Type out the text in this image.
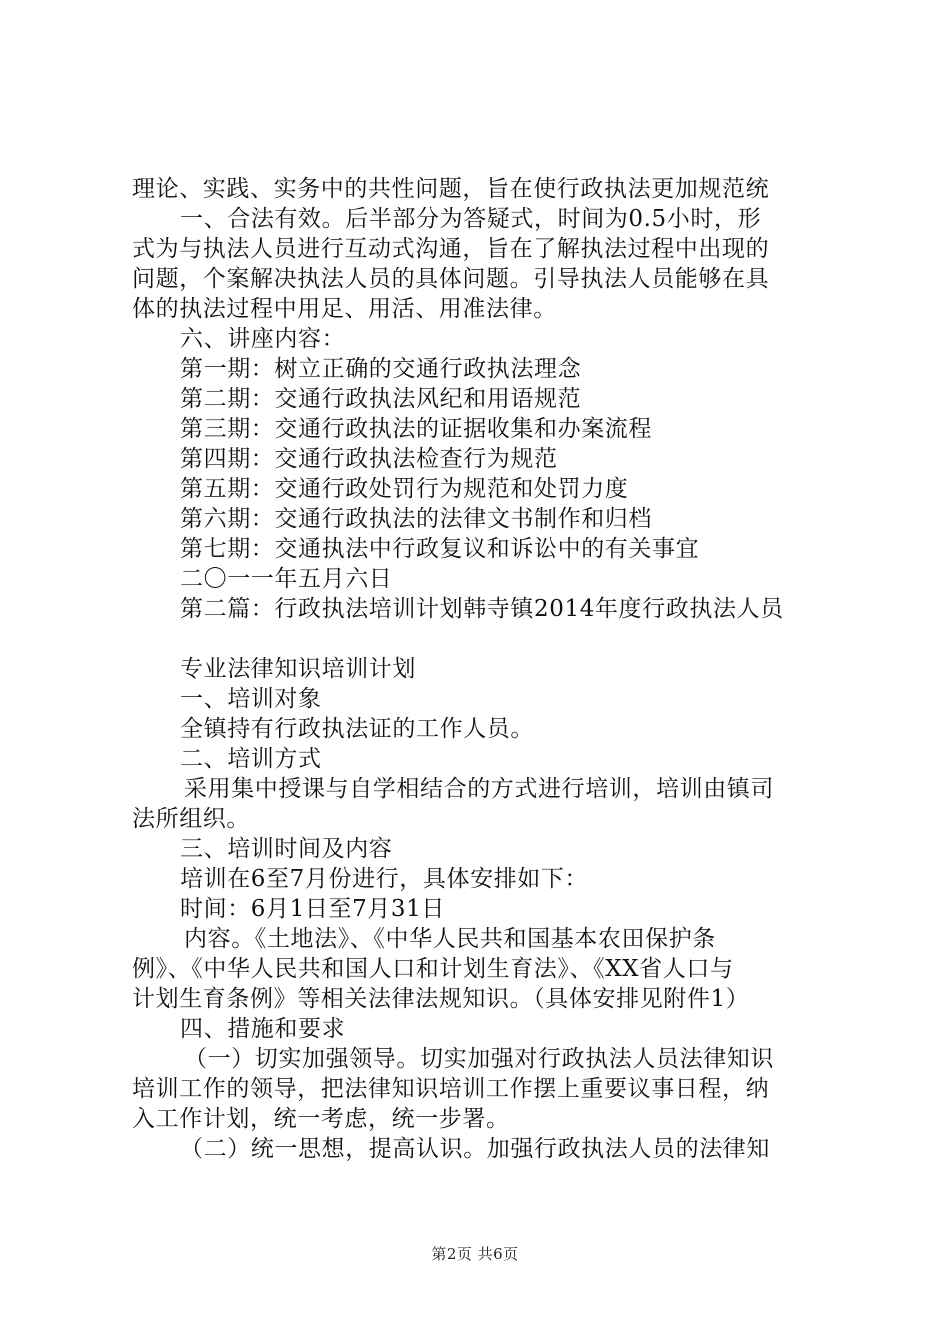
理论、实践、实务中的共性问题，旨在使行政执法更加规范统
一、合法有效。后半部分为答疑式，时间为0.5小时，形
式为与执法人员进行互动式沟通，旨在了解执法过程中出现的
问题，个案解决执法人员的具体问题。引导执法人员能够在具
体的执法过程中用足、用活、用准法律。
六、讲座内容：
第一期：树立正确的交通行政执法理念
第二期：交通行政执法风纪和用语规范
第三期：交通行政执法的证据收集和办案流程
第四期：交通行政执法检查行为规范
第五期：交通行政处罚行为规范和处罚力度
第六期：交通行政执法的法律文书制作和归档
第七期：交通执法中行政复议和诉讼中的有关事宜
二〇一一年五月六日
第二篇：行政执法培训计划韩寺镇2014年度行政执法人员
专业法律知识培训计划
一、培训对象
全镇持有行政执法证的工作人员。
二、培训方式
采用集中授课与自学相结合的方式进行培训，培训由镇司
法所组织。
三、培训时间及内容
培训在6至7月份进行，具体安排如下：
时间：6月1日至7月31日
内容。《土地法》、《中华人民共和国基本农田保护条
例》、《中华人民共和国人口和计划生育法》、《XX省人口与
计划生育条例》等相关法律法规知识。（具体安排见附件1）
四、措施和要求
（一）切实加强领导。切实加强对行政执法人员法律知识
培训工作的领导，把法律知识培训工作摆上重要议事日程，纳
入工作计划，统一考虑，统一步署。
（二）统一思想，提高认识。加强行政执法人员的法律知
第2页 共6页
